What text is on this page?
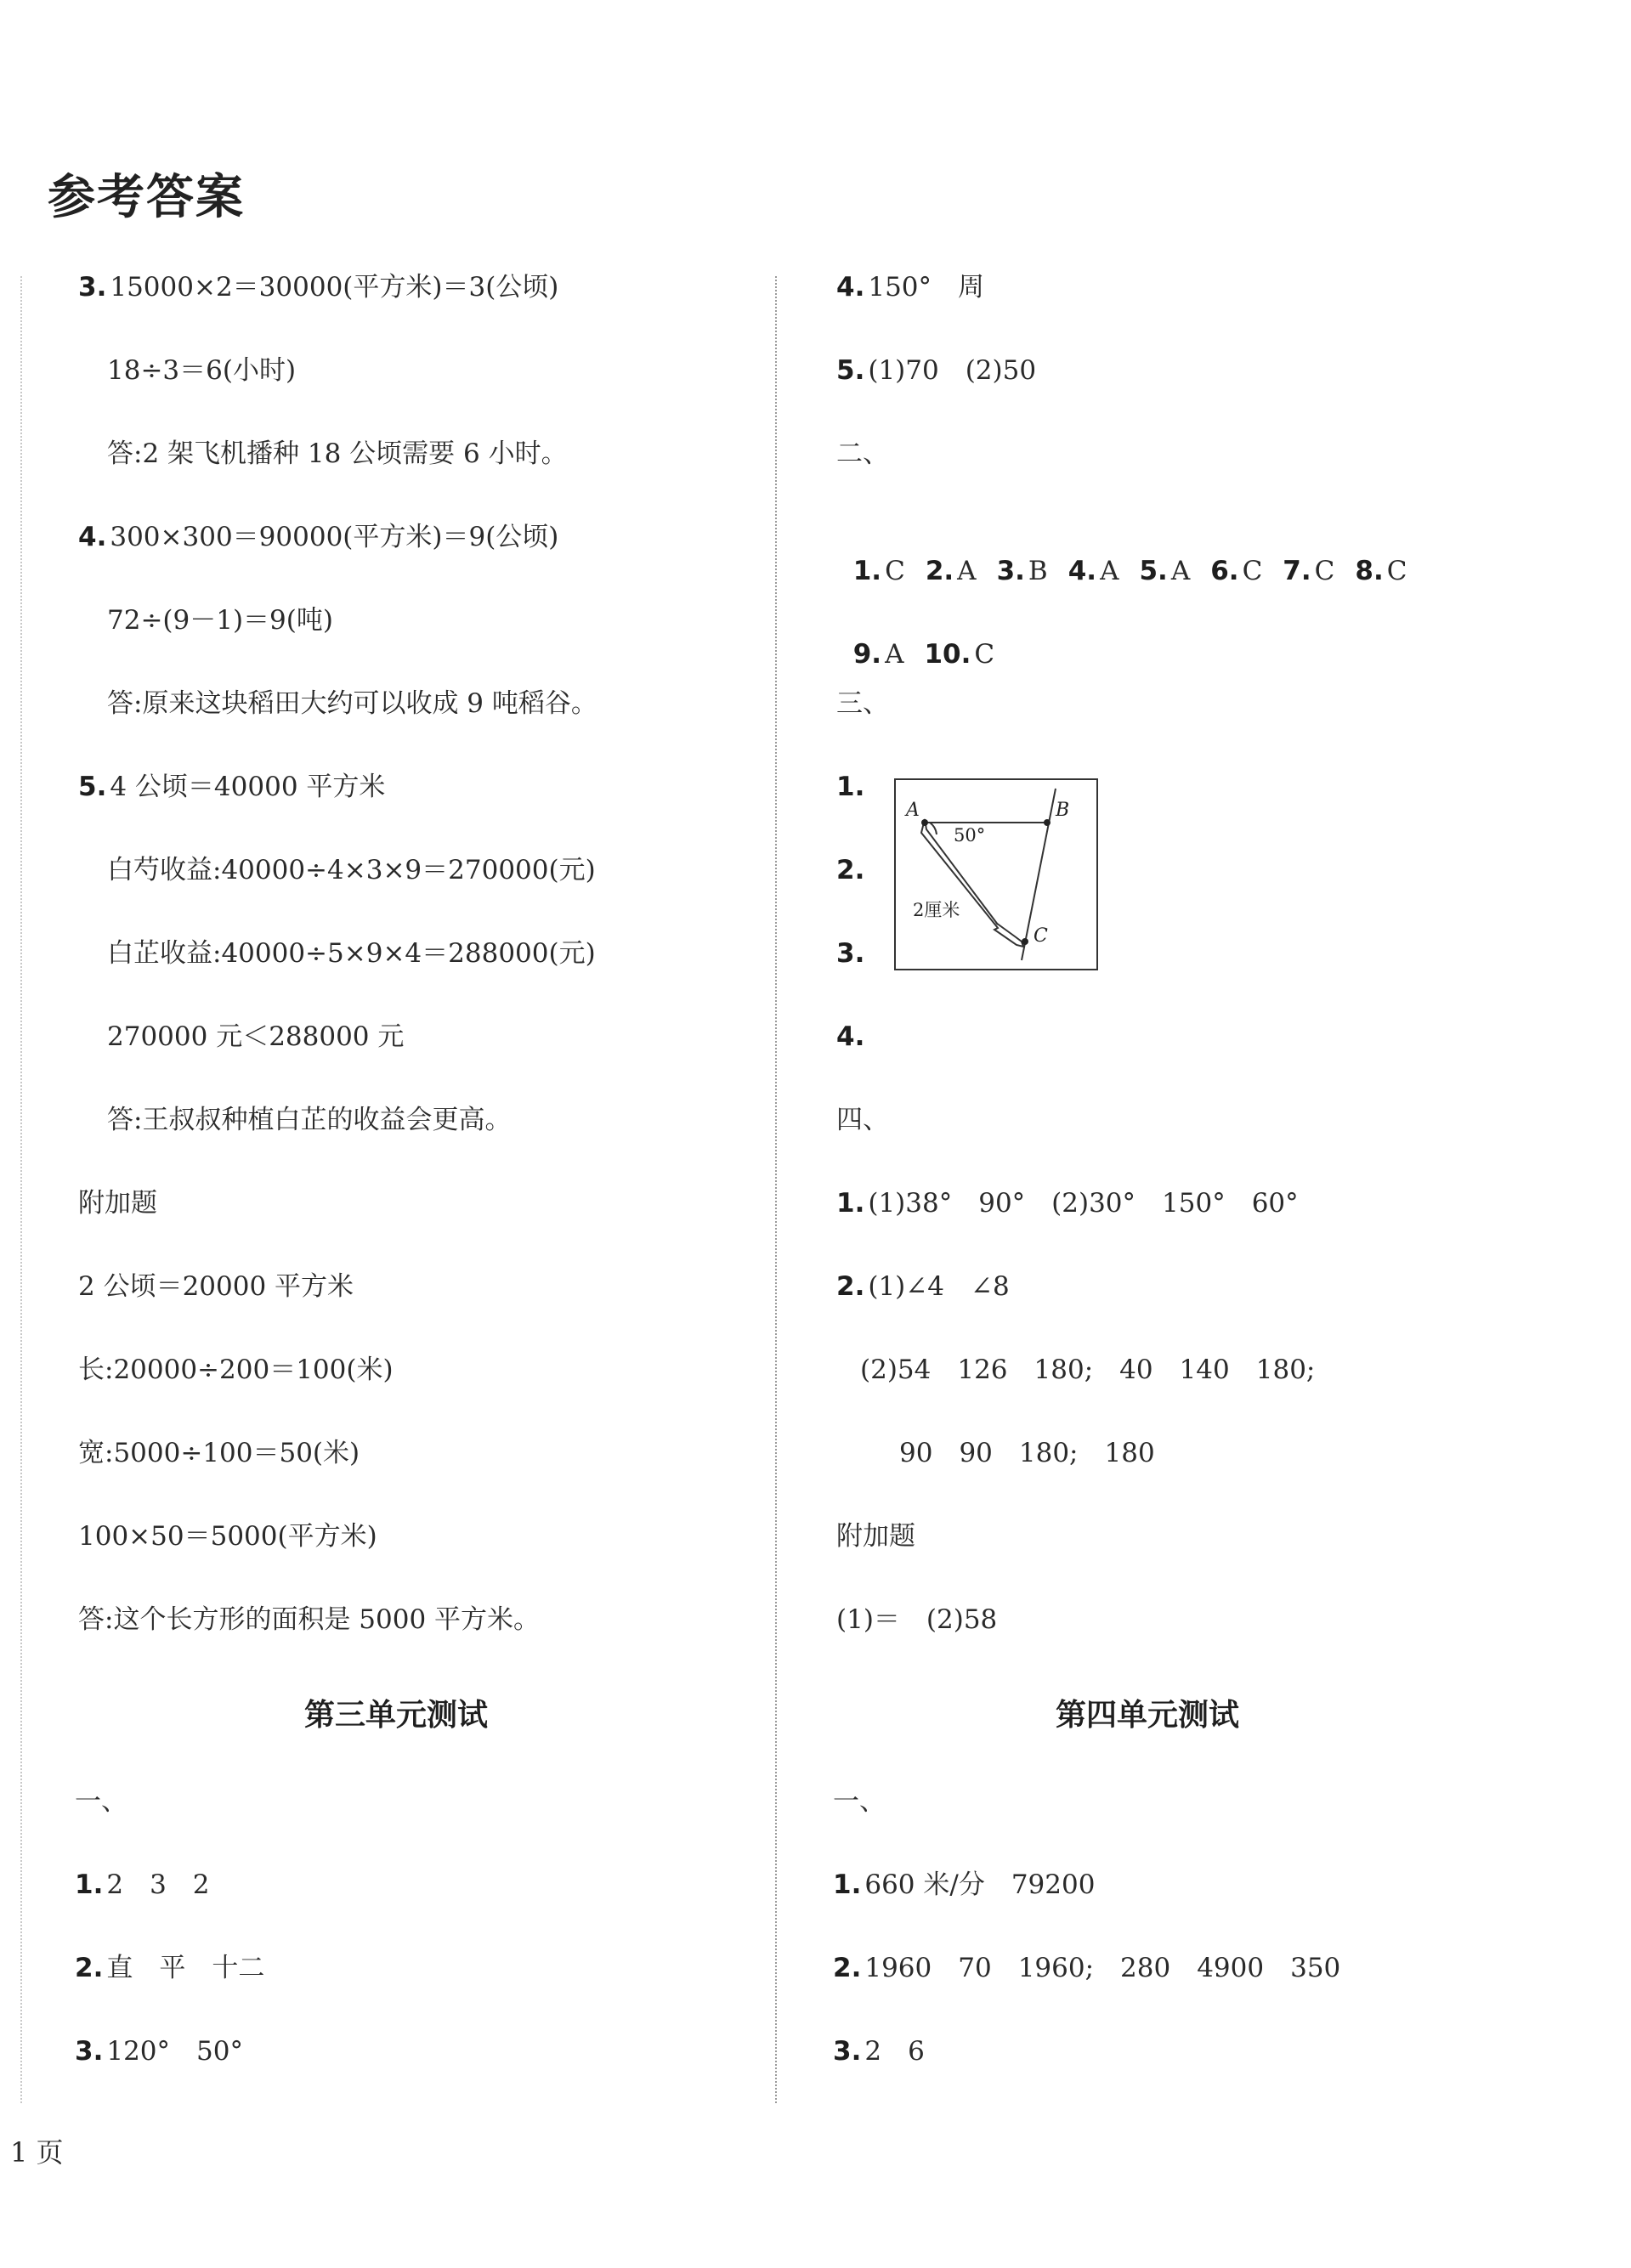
参考答案
3. 15000×2＝30000(平方米)＝3(公顷)
18÷3＝6(小时)
答:2 架飞机播种 18 公顷需要 6 小时。
4. 300×300＝90000(平方米)＝9(公顷)
72÷(9－1)＝9(吨)
答:原来这块稻田大约可以收成 9 吨稻谷。
5. 4 公顷＝40000 平方米
白芍收益:40000÷4×3×9＝270000(元)
白芷收益:40000÷5×9×4＝288000(元)
270000 元＜288000 元
答:王叔叔种植白芷的收益会更高。
附加题
2 公顷＝20000 平方米
长:20000÷200＝100(米)
宽:5000÷100＝50(米)
100×50＝5000(平方米)
答:这个长方形的面积是 5000 平方米。
第三单元测试
一、
1. 2　3　2
2. 直　平　十二
3. 120°　50°
4. 150°　周
5. (1)70　(2)50
二、

1. C 2. A 3. B 4. A 5. A 6. C 7. C 8. C

9. A 10. C

三、
1.
2.
3.
4.
A	B
C
50°
2厘米
四、
1. (1)38°　90°　(2)30°　150°　60°
2. (1)∠4　∠8
(2)54　126　180;　40　140　180;
90　90　180;　180
附加题
(1)＝　(2)58
第四单元测试
一、
1. 660 米/分　79200
2. 1960　70　1960;　280　4900　350
3. 2　6
1 页
